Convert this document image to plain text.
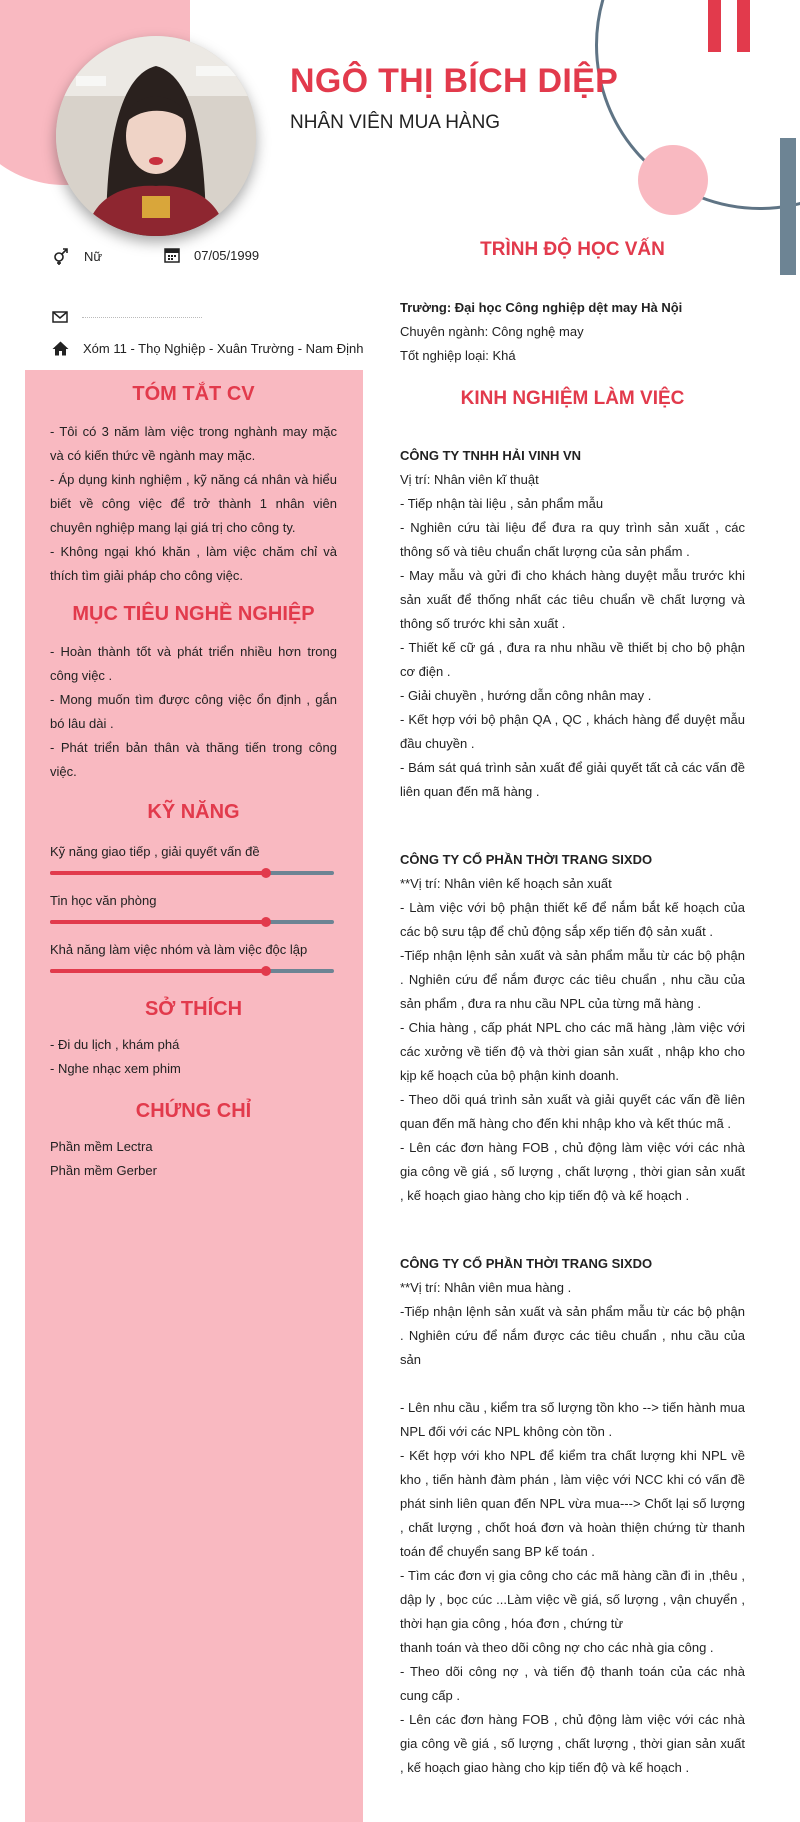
NGÔ THỊ BÍCH DIỆP
NHÂN VIÊN MUA HÀNG
Nữ	07/05/1999
Xóm 11 - Thọ Nghiệp - Xuân Trường - Nam Định
TÓM TẮT CV

- Tôi có 3 năm làm việc trong nghành may mặc và có kiến thức về ngành may mặc.

- Áp dụng kinh nghiệm , kỹ năng cá nhân và hiểu biết về công việc để trở thành 1 nhân viên chuyên nghiệp mang lại giá trị cho công ty.

- Không ngại khó khăn , làm việc chăm chỉ và thích tìm giải pháp cho công việc.

MỤC TIÊU NGHỀ NGHIỆP

- Hoàn thành tốt và phát triển nhiều hơn trong công việc .

- Mong muốn tìm được công việc ổn định , gắn bó lâu dài .

- Phát triển bản thân và thăng tiến trong công việc.

KỸ NĂNG
Kỹ năng giao tiếp , giải quyết vấn đề
Tin học văn phòng
Khả năng làm việc nhóm và làm việc độc lập
SỞ THÍCH

- Đi du lịch , khám phá

- Nghe nhạc xem phim

CHỨNG CHỈ

Phần mềm Lectra

Phần mềm Gerber

TRÌNH ĐỘ HỌC VẤN

Trường: Đại học Công nghiệp dệt may Hà Nội

Chuyên ngành: Công nghệ may

Tốt nghiệp loại: Khá

KINH NGHIỆM LÀM VIỆC

CÔNG TY TNHH HẢI VINH VN

Vị trí: Nhân viên kĩ thuật

- Tiếp nhận tài liệu , sản phẩm mẫu

- Nghiên cứu tài liệu để đưa ra quy trình sản xuất , các thông số và tiêu chuẩn chất lượng của sản phẩm .

- May mẫu và gửi đi cho khách hàng duyệt mẫu trước khi sản xuất để thống nhất các tiêu chuẩn về chất lượng và thông số trước khi sản xuất .

- Thiết kế cữ gá , đưa ra nhu nhầu về thiết bị cho bộ phận cơ điện .

- Giải chuyền , hướng dẫn công nhân may .

- Kết hợp với bộ phận QA , QC , khách hàng để duyệt mẫu đầu chuyền .

- Bám sát quá trình sản xuất để giải quyết tất cả các vấn đề liên quan đến mã hàng .

CÔNG TY CỔ PHẦN THỜI TRANG SIXDO

**Vị trí: Nhân viên kế hoạch sản xuất

- Làm việc với bộ phận thiết kế để nắm bắt kế hoạch của các bộ sưu tập để chủ động sắp xếp tiến độ sản xuất .

-Tiếp nhận lệnh sản xuất và sản phẩm mẫu từ các bộ phận . Nghiên cứu để nắm được các tiêu chuẩn , nhu cầu của sản phẩm , đưa ra nhu cầu NPL của từng mã hàng .

- Chia hàng , cấp phát NPL cho các mã hàng ,làm việc với các xưởng về tiến độ và thời gian sản xuất , nhập kho cho kịp kế hoạch của bộ phận kinh doanh.

- Theo dõi quá trình sản xuất và giải quyết các vấn đề liên quan đến mã hàng cho đến khi nhập kho và kết thúc mã .

- Lên các đơn hàng FOB , chủ động làm việc với các nhà gia công về giá , số lượng , chất lượng , thời gian sản xuất , kế hoạch giao hàng cho kịp tiến độ và kế hoạch .

CÔNG TY CỔ PHẦN THỜI TRANG SIXDO

**Vị trí: Nhân viên mua hàng .

-Tiếp nhận lệnh sản xuất và sản phẩm mẫu từ các bộ phận . Nghiên cứu để nắm được các tiêu chuẩn , nhu cầu của sản

- Lên nhu cầu , kiểm tra số lượng tồn kho --> tiến hành mua NPL đối với các NPL không còn tồn .

- Kết hợp với kho NPL để kiểm tra chất lượng khi NPL về kho , tiến hành đàm phán , làm việc với NCC khi có vấn đề phát sinh liên quan đến NPL vừa mua---> Chốt lại số lượng , chất lượng , chốt hoá đơn và hoàn thiện chứng từ thanh toán để chuyển sang BP kế toán .

- Tìm các đơn vị gia công cho các mã hàng cần đi in ,thêu , dập ly , bọc cúc ...Làm việc về giá, số lượng , vận chuyển , thời hạn gia công , hóa đơn , chứng từ

thanh toán và theo dõi công nợ cho các nhà gia công .

- Theo dõi công nợ , và tiến độ thanh toán của các nhà cung cấp .

- Lên các đơn hàng FOB , chủ động làm việc với các nhà gia công về giá , số lượng , chất lượng , thời gian sản xuất , kế hoạch giao hàng cho kịp tiến độ và kế hoạch .
